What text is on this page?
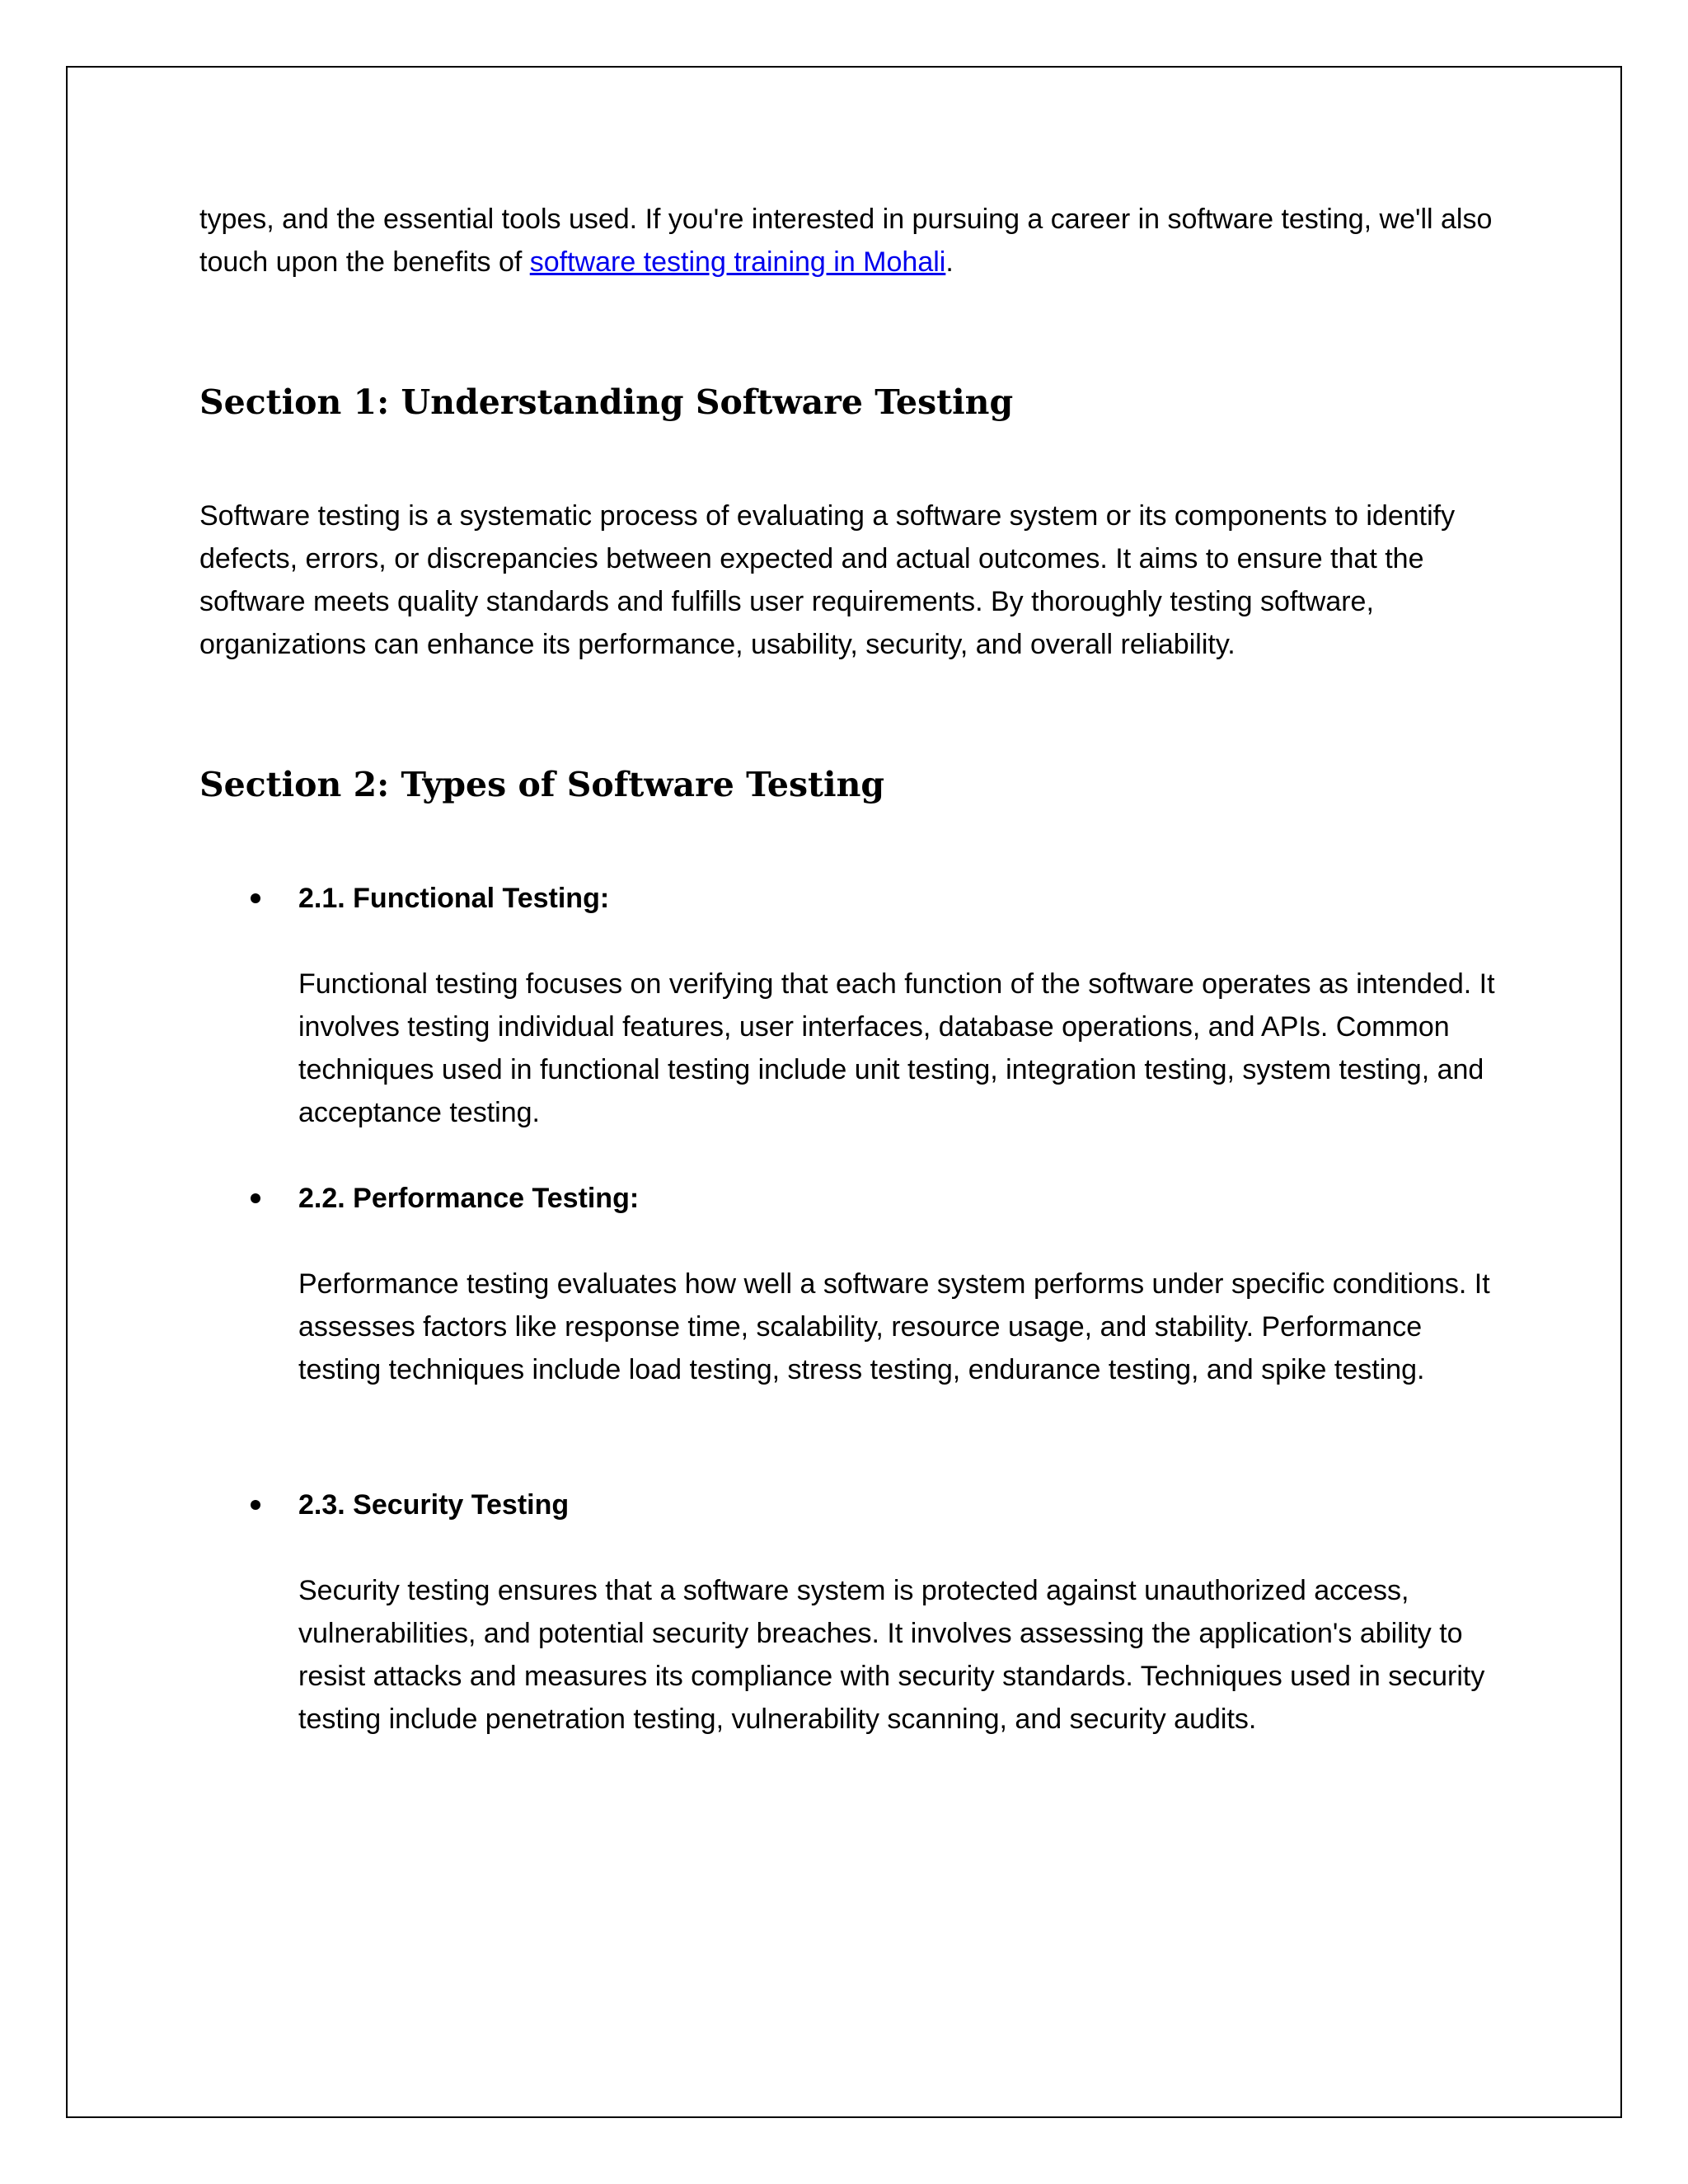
types, and the essential tools used. If you're interested in pursuing a career in software testing, we'll also touch upon the benefits of software testing training in Mohali.

Section 1: Understanding Software Testing

Software testing is a systematic process of evaluating a software system or its components to identify defects, errors, or discrepancies between expected and actual outcomes. It aims to ensure that the software meets quality standards and fulfills user requirements. By thoroughly testing software, organizations can enhance its performance, usability, security, and overall reliability.

Section 2: Types of Software Testing

2.1. Functional Testing:

Functional testing focuses on verifying that each function of the software operates as intended. It involves testing individual features, user interfaces, database operations, and APIs. Common techniques used in functional testing include unit testing, integration testing, system testing, and acceptance testing.

2.2. Performance Testing:

Performance testing evaluates how well a software system performs under specific conditions. It assesses factors like response time, scalability, resource usage, and stability. Performance testing techniques include load testing, stress testing, endurance testing, and spike testing.

2.3. Security Testing

Security testing ensures that a software system is protected against unauthorized access, vulnerabilities, and potential security breaches. It involves assessing the application's ability to resist attacks and measures its compliance with security standards. Techniques used in security testing include penetration testing, vulnerability scanning, and security audits.
